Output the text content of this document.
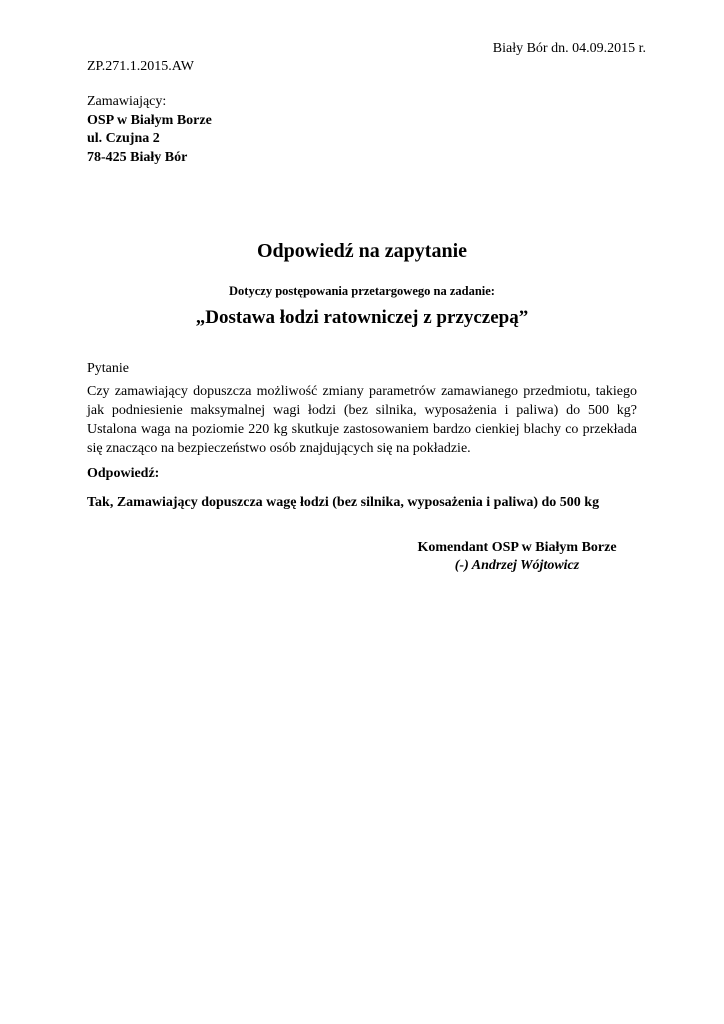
Biały Bór dn. 04.09.2015 r.
ZP.271.1.2015.AW
Zamawiający:
OSP w Białym Borze
ul. Czujna 2
78-425 Biały Bór
Odpowiedź na zapytanie
Dotyczy postępowania przetargowego na zadanie:
„Dostawa łodzi ratowniczej z przyczepą”

Pytanie

Czy zamawiający dopuszcza możliwość zmiany parametrów zamawianego przedmiotu, takiego jak podniesienie maksymalnej wagi łodzi (bez silnika, wyposażenia i paliwa) do 500 kg? Ustalona waga na poziomie 220 kg skutkuje zastosowaniem bardzo cienkiej blachy co przekłada się znacząco na bezpieczeństwo osób znajdujących się na pokładzie.

Odpowiedź:

Tak, Zamawiający dopuszcza wagę łodzi (bez silnika, wyposażenia i paliwa) do 500 kg

Komendant OSP w Białym Borze
(-) Andrzej Wójtowicz
